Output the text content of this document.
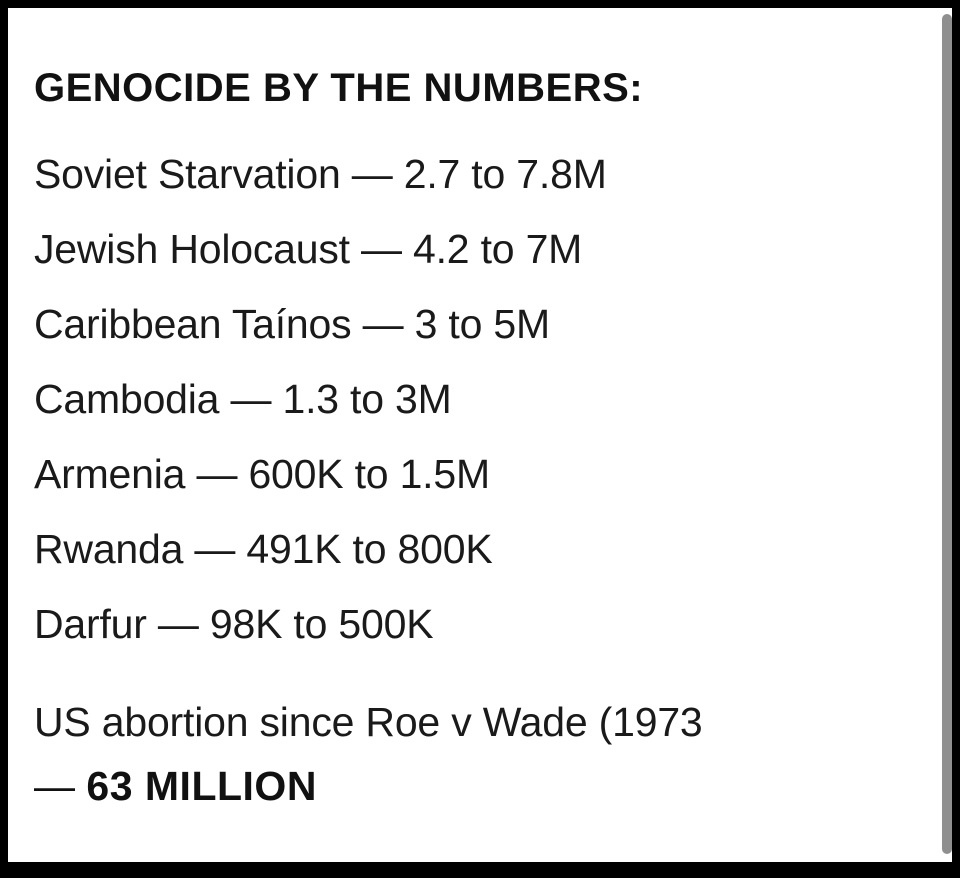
GENOCIDE BY THE NUMBERS:
Soviet Starvation — 2.7 to 7.8M
Jewish Holocaust — 4.2 to 7M
Caribbean Taínos — 3 to 5M
Cambodia — 1.3 to 3M
Armenia — 600K to 1.5M
Rwanda — 491K to 800K
Darfur — 98K to 500K
US abortion since Roe v Wade (1973
— 63 MILLION
